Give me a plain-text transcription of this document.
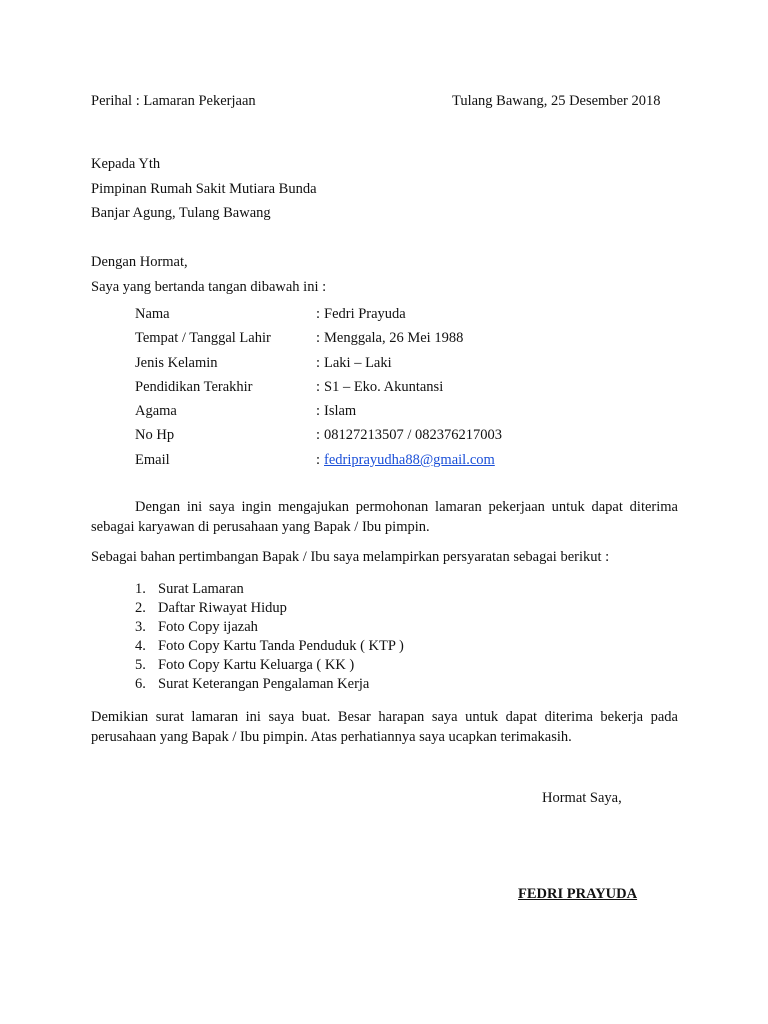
Perihal : Lamaran Pekerjaan	Tulang Bawang, 25 Desember 2018
Kepada Yth
Pimpinan Rumah Sakit Mutiara Bunda
Banjar Agung, Tulang Bawang
Dengan Hormat,
Saya yang bertanda tangan dibawah ini :
Nama	: Fedri Prayuda
Tempat / Tanggal Lahir	: Menggala, 26 Mei 1988
Jenis Kelamin	: Laki – Laki
Pendidikan Terakhir	: S1 – Eko. Akuntansi
Agama	: Islam
No Hp	: 08127213507 / 082376217003
Email	: fedriprayudha88@gmail.com
Dengan ini saya ingin mengajukan permohonan lamaran pekerjaan untuk dapat diterima sebagai karyawan di perusahaan yang Bapak / Ibu pimpin.
Sebagai bahan pertimbangan Bapak / Ibu saya melampirkan persyaratan sebagai berikut :
1. Surat Lamaran
2. Daftar Riwayat Hidup
3. Foto Copy ijazah
4. Foto Copy Kartu Tanda Penduduk ( KTP )
5. Foto Copy Kartu Keluarga ( KK )
6. Surat Keterangan Pengalaman Kerja
Demikian surat lamaran ini saya buat. Besar harapan saya untuk dapat diterima bekerja pada perusahaan yang Bapak / Ibu pimpin. Atas perhatiannya saya ucapkan terimakasih.
Hormat Saya,
FEDRI PRAYUDA
